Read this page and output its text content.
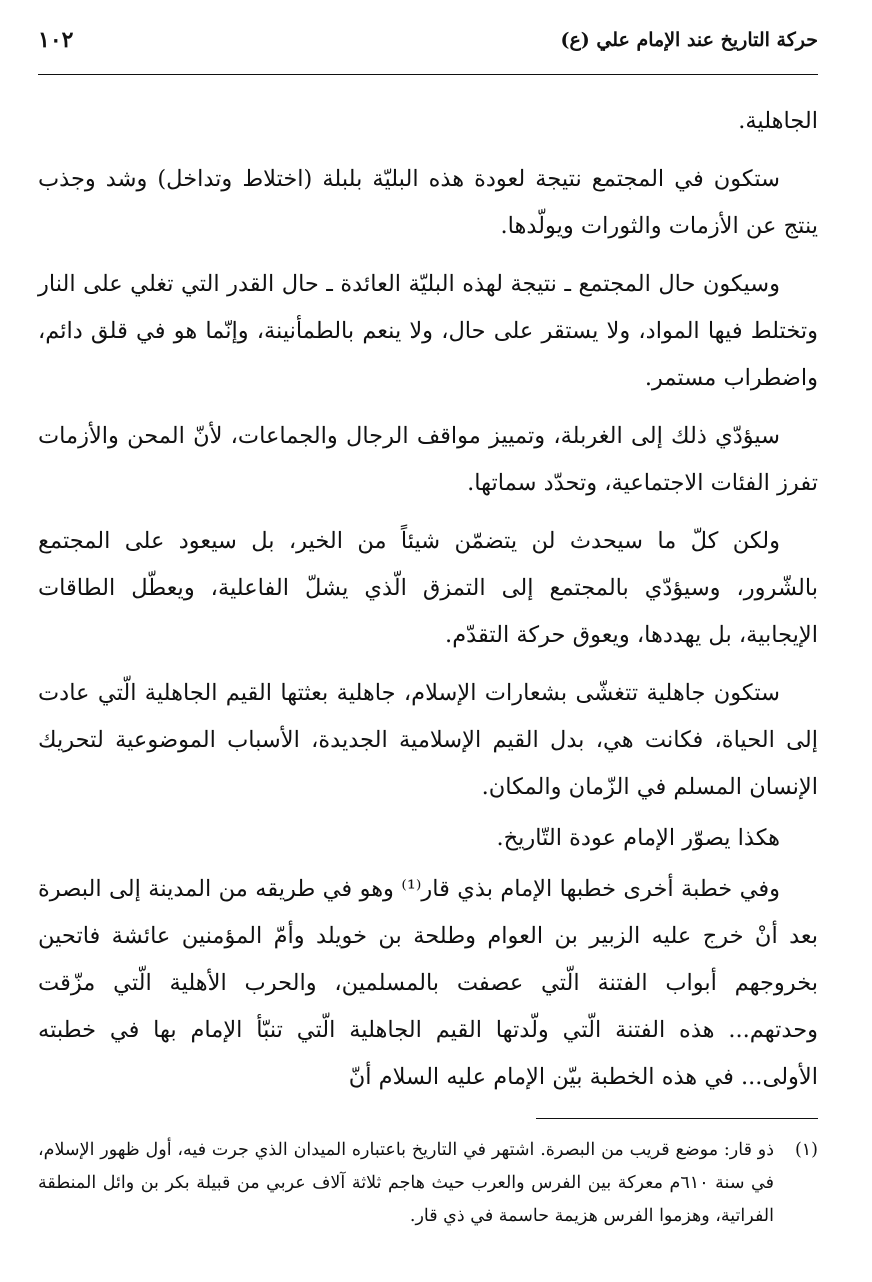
١٠٢	حركة التاريخ عند الإمام علي (ع)

الجاهلية.

ستكون في المجتمع نتيجة لعودة هذه البليّة بلبلة (اختلاط وتداخل) وشد وجذب ينتج عن الأزمات والثورات ويولّدها.

وسيكون حال المجتمع ـ نتيجة لهذه البليّة العائدة ـ حال القدر التي تغلي على النار وتختلط فيها المواد، ولا يستقر على حال، ولا ينعم بالطمأنينة، وإنّما هو في قلق دائم، واضطراب مستمر.

سيؤدّي ذلك إلى الغربلة، وتمييز مواقف الرجال والجماعات، لأنّ المحن والأزمات تفرز الفئات الاجتماعية، وتحدّد سماتها.

ولكن كلّ ما سيحدث لن يتضمّن شيئاً من الخير، بل سيعود على المجتمع بالشّرور، وسيؤدّي بالمجتمع إلى التمزق الّذي يشلّ الفاعلية، ويعطّل الطاقات الإيجابية، بل يهددها، ويعوق حركة التقدّم.

ستكون جاهلية تتغشّى بشعارات الإسلام، جاهلية بعثتها القيم الجاهلية الّتي عادت إلى الحياة، فكانت هي، بدل القيم الإسلامية الجديدة، الأسباب الموضوعية لتحريك الإنسان المسلم في الزّمان والمكان.

هكذا يصوّر الإمام عودة التّاريخ.

وفي خطبة أخرى خطبها الإمام بذي قار⁽¹⁾ وهو في طريقه من المدينة إلى البصرة بعد أنْ خرج عليه الزبير بن العوام وطلحة بن خويلد وأمّ المؤمنين عائشة فاتحين بخروجهم أبواب الفتنة الّتي عصفت بالمسلمين، والحرب الأهلية الّتي مزّقت وحدتهم... هذه الفتنة الّتي ولّدتها القيم الجاهلية الّتي تنبّأ الإمام بها في خطبته الأولى... في هذه الخطبة بيّن الإمام عليه السلام أنّ

(١)
ذو قار: موضع قريب من البصرة. اشتهر في التاريخ باعتباره الميدان الذي جرت فيه، أول ظهور الإسلام، في سنة ٦١٠م معركة بين الفرس والعرب حيث هاجم ثلاثة آلاف عربي من قبيلة بكر بن وائل المنطقة الفراتية، وهزموا الفرس هزيمة حاسمة في ذي قار.
